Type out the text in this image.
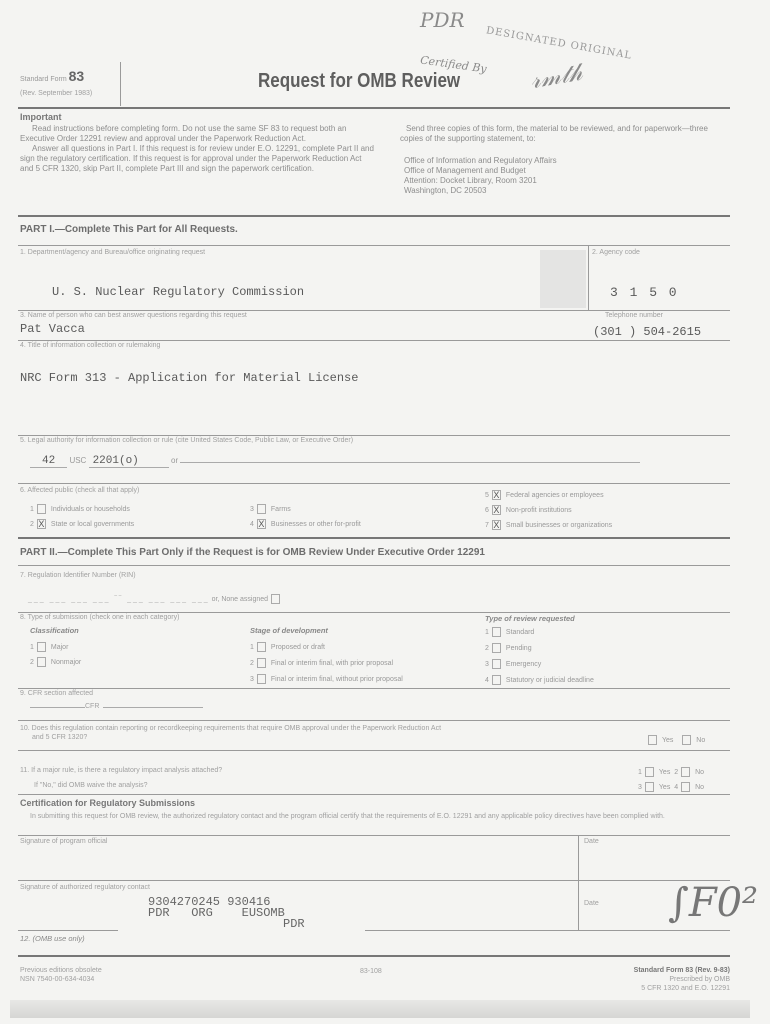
Standard Form 83
(Rev. September 1983)
Request for OMB Review
PDR
DESIGNATED ORIGINAL
Certified By 𝓇𝓂𝓉𝒽
Important
Read instructions before completing form. Do not use the same SF 83 to request both an Executive Order 12291 review and approval under the Paperwork Reduction Act.
Answer all questions in Part I. If this request is for review under E.O. 12291, complete Part II and sign the regulatory certification. If this request is for approval under the Paperwork Reduction Act and 5 CFR 1320, skip Part II, complete Part III and sign the paperwork certification.
Send three copies of this form, the material to be reviewed, and for paperwork—three copies of the supporting statement, to:
Office of Information and Regulatory Affairs
Office of Management and Budget
Attention: Docket Library, Room 3201
Washington, DC 20503
PART I.—Complete This Part for All Requests.
1. Department/agency and Bureau/office originating request
U. S. Nuclear Regulatory Commission
2. Agency code
3 1 5 0
3. Name of person who can best answer questions regarding this request
Pat Vacca
Telephone number
(301 ) 504-2615
4. Title of information collection or rulemaking
NRC Form 313 - Application for Material License
5. Legal authority for information collection or rule (cite United States Code, Public Law, or Executive Order)
42 USC 2201(o)	or
6. Affected public (check all that apply)
1 Individuals or households
2 X State or local governments
3 Farms
4 X Businesses or other for-profit
5 X Federal agencies or employees
6 X Non-profit institutions
7 X Small businesses or organizations
PART II.—Complete This Part Only if the Request is for OMB Review Under Executive Order 12291
7. Regulation Identifier Number (RIN)
___ ___ ___ ___ ‾‾ ___ ___ ___ ___
or, None assigned
8. Type of submission (check one in each category)
Classification	Stage of development
Type of review requested
1 Major
2 Nonmajor
1 Proposed or draft
2 Final or interim final, with prior proposal
3 Final or interim final, without prior proposal
1 Standard
2 Pending
3 Emergency
4 Statutory or judicial deadline
9. CFR section affected
CFR
10. Does this regulation contain reporting or recordkeeping requirements that require OMB approval under the Paperwork Reduction Act
and 5 CFR 1320?	Yes
	No
11. If a major rule, is there a regulatory impact analysis attached?
If "No," did OMB waive the analysis?
1 Yes
2 No
3 Yes
4 No
Certification for Regulatory Submissions
In submitting this request for OMB review, the authorized regulatory contact and the program official certify that the requirements of E.O. 12291 and any applicable policy directives have been complied with.
Signature of program official	Date
Signature of authorized regulatory contact
Date
9304270245 930416
PDR   ORG    EUSOMB
PDR	∫F0²
12. (OMB use only)
Previous editions obsolete
NSN 7540-00-634-4034
83-108	Standard Form 83 (Rev. 9-83)
Prescribed by OMB
5 CFR 1320 and E.O. 12291
